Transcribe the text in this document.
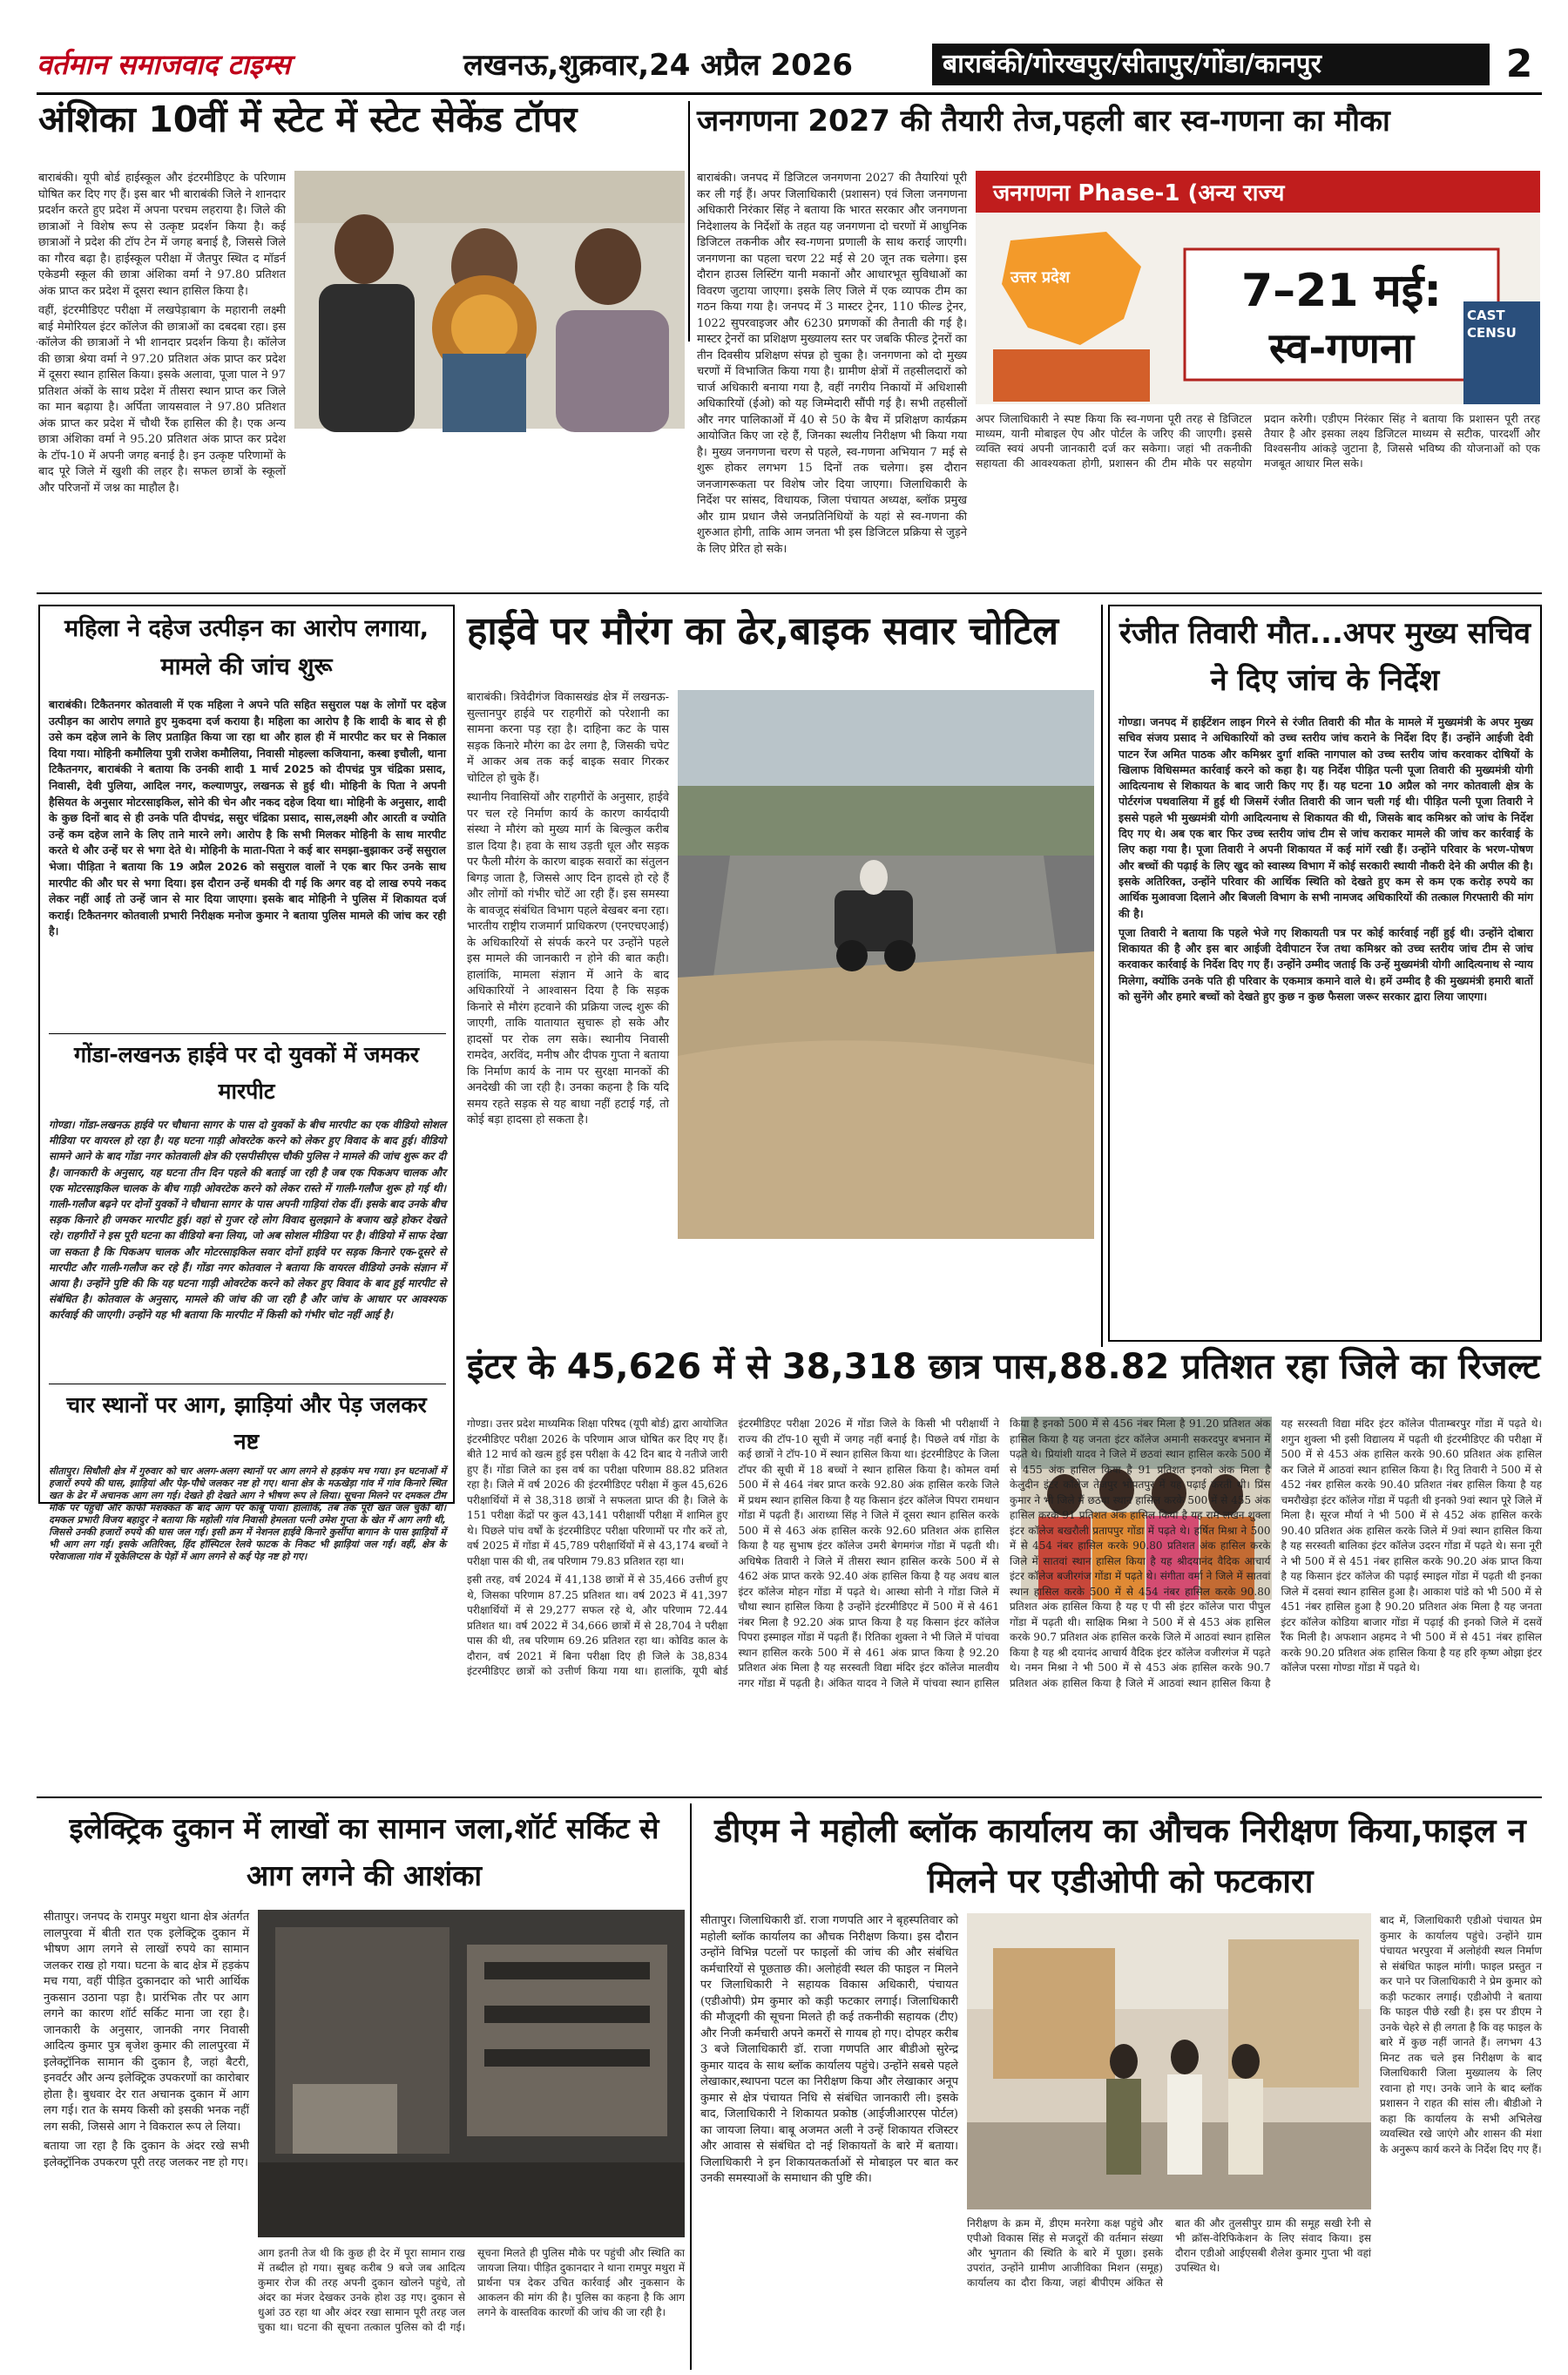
वर्तमान समाजवाद टाइम्स	लखनऊ,शुक्रवार,24 अप्रैल 2026	बाराबंकी/गोरखपुर/सीतापुर/गोंडा/कानपुर	2
अंशिका 10वीं में स्टेट में स्टेट सेकेंड टॉपर

बाराबंकी। यूपी बोर्ड हाईस्कूल और इंटरमीडिएट के परिणाम घोषित कर दिए गए हैं। इस बार भी बाराबंकी जिले ने शानदार प्रदर्शन करते हुए प्रदेश में अपना परचम लहराया है। जिले की छात्राओं ने विशेष रूप से उत्कृष्ट प्रदर्शन किया है। कई छात्राओं ने प्रदेश की टॉप टेन में जगह बनाई है, जिससे जिले का गौरव बढ़ा है। हाईस्कूल परीक्षा में जैतपुर स्थित द मॉडर्न एकेडमी स्कूल की छात्रा अंशिका वर्मा ने 97.80 प्रतिशत अंक प्राप्त कर प्रदेश में दूसरा स्थान हासिल किया है।

वहीं, इंटरमीडिएट परीक्षा में लखपेड़ाबाग के महारानी लक्ष्मी बाई मेमोरियल इंटर कॉलेज की छात्राओं का दबदबा रहा। इस कॉलेज की छात्राओं ने भी शानदार प्रदर्शन किया है। कॉलेज की छात्रा श्रेया वर्मा ने 97.20 प्रतिशत अंक प्राप्त कर प्रदेश में दूसरा स्थान हासिल किया। इसके अलावा, पूजा पाल ने 97 प्रतिशत अंकों के साथ प्रदेश में तीसरा स्थान प्राप्त कर जिले का मान बढ़ाया है। अर्पिता जायसवाल ने 97.80 प्रतिशत अंक प्राप्त कर प्रदेश में चौथी रैंक हासिल की है। एक अन्य छात्रा अंशिका वर्मा ने 95.20 प्रतिशत अंक प्राप्त कर प्रदेश के टॉप-10 में अपनी जगह बनाई है। इन उत्कृष्ट परिणामों के बाद पूरे जिले में खुशी की लहर है। सफल छात्रों के स्कूलों और परिजनों में जश्न का माहौल है।

जनगणना 2027 की तैयारी तेज,पहली बार स्व-गणना का मौका

बाराबंकी। जनपद में डिजिटल जनगणना 2027 की तैयारियां पूरी कर ली गई हैं। अपर जिलाधिकारी (प्रशासन) एवं जिला जनगणना अधिकारी निरंकार सिंह ने बताया कि भारत सरकार और जनगणना निदेशालय के निर्देशों के तहत यह जनगणना दो चरणों में आधुनिक डिजिटल तकनीक और स्व-गणना प्रणाली के साथ कराई जाएगी। जनगणना का पहला चरण 22 मई से 20 जून तक चलेगा। इस दौरान हाउस लिस्टिंग यानी मकानों और आधारभूत सुविधाओं का विवरण जुटाया जाएगा। इसके लिए जिले में एक व्यापक टीम का गठन किया गया है। जनपद में 3 मास्टर ट्रेनर, 110 फील्ड ट्रेनर, 1022 सुपरवाइजर और 6230 प्रगणकों की तैनाती की गई है। मास्टर ट्रेनरों का प्रशिक्षण मुख्यालय स्तर पर जबकि फील्ड ट्रेनरों का तीन दिवसीय प्रशिक्षण संपन्न हो चुका है। जनगणना को दो मुख्य चरणों में विभाजित किया गया है। ग्रामीण क्षेत्रों में तहसीलदारों को चार्ज अधिकारी बनाया गया है, वहीं नगरीय निकायों में अधिशासी अधिकारियों (ईओ) को यह जिम्मेदारी सौंपी गई है। सभी तहसीलों और नगर पालिकाओं में 40 से 50 के बैच में प्रशिक्षण कार्यक्रम आयोजित किए जा रहे हैं, जिनका स्थलीय निरीक्षण भी किया गया है। मुख्य जनगणना चरण से पहले, स्व-गणना अभियान 7 मई से शुरू होकर लगभग 15 दिनों तक चलेगा। इस दौरान जनजागरूकता पर विशेष जोर दिया जाएगा। जिलाधिकारी के निर्देश पर सांसद, विधायक, जिला पंचायत अध्यक्ष, ब्लॉक प्रमुख और ग्राम प्रधान जैसे जनप्रतिनिधियों के यहां से स्व-गणना की शुरुआत होगी, ताकि आम जनता भी इस डिजिटल प्रक्रिया से जुड़ने के लिए प्रेरित हो सके।

जनगणना Phase-1 (अन्य राज्य
उत्तर प्रदेश	7–21 मई:
स्व-गणना
CAST CENSU

अपर जिलाधिकारी ने स्पष्ट किया कि स्व-गणना पूरी तरह से डिजिटल माध्यम, यानी मोबाइल ऐप और पोर्टल के जरिए की जाएगी। इससे व्यक्ति स्वयं अपनी जानकारी दर्ज कर सकेगा। जहां भी तकनीकी सहायता की आवश्यकता होगी, प्रशासन की टीम मौके पर सहयोग प्रदान करेगी। एडीएम निरंकार सिंह ने बताया कि प्रशासन पूरी तरह तैयार है और इसका लक्ष्य डिजिटल माध्यम से सटीक, पारदर्शी और विश्वसनीय आंकड़े जुटाना है, जिससे भविष्य की योजनाओं को एक मजबूत आधार मिल सके।

महिला ने दहेज उत्पीड़न का आरोप लगाया, मामले की जांच शुरू

बाराबंकी। टिकैतनगर कोतवाली में एक महिला ने अपने पति सहित ससुराल पक्ष के लोगों पर दहेज उत्पीड़न का आरोप लगाते हुए मुकदमा दर्ज कराया है। महिला का आरोप है कि शादी के बाद से ही उसे कम दहेज लाने के लिए प्रताड़ित किया जा रहा था और हाल ही में मारपीट कर घर से निकाल दिया गया। मोहिनी कमौलिया पुत्री राजेश कमौलिया, निवासी मोहल्ला कजियाना, कस्बा इचौली, थाना टिकैतनगर, बाराबंकी ने बताया कि उनकी शादी 1 मार्च 2025 को दीपचंद्र पुत्र चंद्रिका प्रसाद, निवासी, देवी पुलिया, आदिल नगर, कल्याणपुर, लखनऊ से हुई थी। मोहिनी के पिता ने अपनी हैसियत के अनुसार मोटरसाइकिल, सोने की चेन और नकद दहेज दिया था। मोहिनी के अनुसार, शादी के कुछ दिनों बाद से ही उनके पति दीपचंद्र, ससुर चंद्रिका प्रसाद, सास,लक्ष्मी और आरती व ज्योति उन्हें कम दहेज लाने के लिए ताने मारने लगे। आरोप है कि सभी मिलकर मोहिनी के साथ मारपीट करते थे और उन्हें घर से भगा देते थे। मोहिनी के माता-पिता ने कई बार समझा-बुझाकर उन्हें ससुराल भेजा। पीड़िता ने बताया कि 19 अप्रैल 2026 को ससुराल वालों ने एक बार फिर उनके साथ मारपीट की और घर से भगा दिया। इस दौरान उन्हें धमकी दी गई कि अगर वह दो लाख रुपये नकद लेकर नहीं आईं तो उन्हें जान से मार दिया जाएगा। इसके बाद मोहिनी ने पुलिस में शिकायत दर्ज कराई। टिकैतनगर कोतवाली प्रभारी निरीक्षक मनोज कुमार ने बताया पुलिस मामले की जांच कर रही है।

गोंडा-लखनऊ हाईवे पर दो युवकों में जमकर मारपीट

गोण्डा। गोंडा-लखनऊ हाईवे पर चौधाना सागर के पास दो युवकों के बीच मारपीट का एक वीडियो सोशल मीडिया पर वायरल हो रहा है। यह घटना गाड़ी ओवरटेक करने को लेकर हुए विवाद के बाद हुई। वीडियो सामने आने के बाद गोंडा नगर कोतवाली क्षेत्र की एसपीसीएस चौकी पुलिस ने मामले की जांच शुरू कर दी है। जानकारी के अनुसार, यह घटना तीन दिन पहले की बताई जा रही है जब एक पिकअप चालक और एक मोटरसाइकिल चालक के बीच गाड़ी ओवरटेक करने को लेकर रास्ते में गाली-गलौज शुरू हो गई थी। गाली-गलौज बढ़ने पर दोनों युवकों ने चौधाना सागर के पास अपनी गाड़ियां रोक दीं। इसके बाद उनके बीच सड़क किनारे ही जमकर मारपीट हुई। वहां से गुजर रहे लोग विवाद सुलझाने के बजाय खड़े होकर देखते रहे। राहगीरों ने इस पूरी घटना का वीडियो बना लिया, जो अब सोशल मीडिया पर है। वीडियो में साफ देखा जा सकता है कि पिकअप चालक और मोटरसाइकिल सवार दोनों हाईवे पर सड़क किनारे एक-दूसरे से मारपीट और गाली-गलौज कर रहे हैं। गोंडा नगर कोतवाल ने बताया कि वायरल वीडियो उनके संज्ञान में आया है। उन्होंने पुष्टि की कि यह घटना गाड़ी ओवरटेक करने को लेकर हुए विवाद के बाद हुई मारपीट से संबंधित है। कोतवाल के अनुसार, मामले की जांच की जा रही है और जांच के आधार पर आवश्यक कार्रवाई की जाएगी। उन्होंने यह भी बताया कि मारपीट में किसी को गंभीर चोट नहीं आई है।

चार स्थानों पर आग, झाड़ियां और पेड़ जलकर नष्ट

सीतापुर। सिधौली क्षेत्र में गुरुवार को चार अलग-अलग स्थानों पर आग लगने से हड़कंप मच गया। इन घटनाओं में हजारों रुपये की घास, झाड़ियां और पेड़-पौधे जलकर नष्ट हो गए। थाना क्षेत्र के मऊखेड़ा गांव में गांव किनारे स्थित खत के ढेर में अचानक आग लग गई। देखते ही देखते आग ने भीषण रूप ले लिया। सूचना मिलने पर दमकल टीम मौके पर पहुंची और काफी मशक्कत के बाद आग पर काबू पाया। हालांकि, तब तक पूरी खत जल चुकी थी। दमकल प्रभारी विजय बहादुर ने बताया कि महोली गांव निवासी हेमलता पत्नी उमेश गुप्ता के खेत में आग लगी थी, जिससे उनकी हजारों रुपये की घास जल गई। इसी क्रम में नेशनल हाईवे किनारे कुर्सीपा बागान के पास झाड़ियों में भी आग लग गई। इसके अतिरिक्त, हिंद हॉस्पिटल रेलवे फाटक के निकट भी झाड़ियां जल गईं। वहीं, क्षेत्र के परेवाजाला गांव में यूकेलिप्टस के पेड़ों में आग लगने से कई पेड़ नष्ट हो गए।

हाईवे पर मौरंग का ढेर,बाइक सवार चोटिल

बाराबंकी। त्रिवेदीगंज विकासखंड क्षेत्र में लखनऊ-सुल्तानपुर हाईवे पर राहगीरों को परेशानी का सामना करना पड़ रहा है। दाहिना कट के पास सड़क किनारे मौरंग का ढेर लगा है, जिसकी चपेट में आकर अब तक कई बाइक सवार गिरकर चोटिल हो चुके हैं।

स्थानीय निवासियों और राहगीरों के अनुसार, हाईवे पर चल रहे निर्माण कार्य के कारण कार्यदायी संस्था ने मौरंग को मुख्य मार्ग के बिल्कुल करीब डाल दिया है। हवा के साथ उड़ती धूल और सड़क पर फैली मौरंग के कारण बाइक सवारों का संतुलन बिगड़ जाता है, जिससे आए दिन हादसे हो रहे हैं और लोगों को गंभीर चोटें आ रही हैं। इस समस्या के बावजूद संबंधित विभाग पहले बेखबर बना रहा। भारतीय राष्ट्रीय राजमार्ग प्राधिकरण (एनएचएआई) के अधिकारियों से संपर्क करने पर उन्होंने पहले इस मामले की जानकारी न होने की बात कही। हालांकि, मामला संज्ञान में आने के बाद अधिकारियों ने आश्वासन दिया है कि सड़क किनारे से मौरंग हटवाने की प्रक्रिया जल्द शुरू की जाएगी, ताकि यातायात सुचारू हो सके और हादसों पर रोक लग सके। स्थानीय निवासी रामदेव, अरविंद, मनीष और दीपक गुप्ता ने बताया कि निर्माण कार्य के नाम पर सुरक्षा मानकों की अनदेखी की जा रही है। उनका कहना है कि यदि समय रहते सड़क से यह बाधा नहीं हटाई गई, तो कोई बड़ा हादसा हो सकता है।

रंजीत तिवारी मौत...अपर मुख्य सचिव ने दिए जांच के निर्देश

गोण्डा। जनपद में हाईटेंशन लाइन गिरने से रंजीत तिवारी की मौत के मामले में मुख्यमंत्री के अपर मुख्य सचिव संजय प्रसाद ने अधिकारियों को उच्च स्तरीय जांच कराने के निर्देश दिए हैं। उन्होंने आईजी देवी पाटन रेंज अमित पाठक और कमिश्नर दुर्गा शक्ति नागपाल को उच्च स्तरीय जांच करवाकर दोषियों के खिलाफ विधिसम्मत कार्रवाई करने को कहा है। यह निर्देश पीड़ित पत्नी पूजा तिवारी की मुख्यमंत्री योगी आदित्यनाथ से शिकायत के बाद जारी किए गए हैं। यह घटना 10 अप्रैल को नगर कोतवाली क्षेत्र के पोर्टरगंज पथवालिया में हुई थी जिसमें रंजीत तिवारी की जान चली गई थी। पीड़ित पत्नी पूजा तिवारी ने इससे पहले भी मुख्यमंत्री योगी आदित्यनाथ से शिकायत की थी, जिसके बाद कमिश्नर को जांच के निर्देश दिए गए थे। अब एक बार फिर उच्च स्तरीय जांच टीम से जांच कराकर मामले की जांच कर कार्रवाई के लिए कहा गया है। पूजा तिवारी ने अपनी शिकायत में कई मांगें रखी हैं। उन्होंने परिवार के भरण-पोषण और बच्चों की पढ़ाई के लिए खुद को स्वास्थ्य विभाग में कोई सरकारी स्थायी नौकरी देने की अपील की है। इसके अतिरिक्त, उन्होंने परिवार की आर्थिक स्थिति को देखते हुए कम से कम एक करोड़ रुपये का आर्थिक मुआवजा दिलाने और बिजली विभाग के सभी नामजद अधिकारियों की तत्काल गिरफ्तारी की मांग की है।

पूजा तिवारी ने बताया कि पहले भेजे गए शिकायती पत्र पर कोई कार्रवाई नहीं हुई थी। उन्होंने दोबारा शिकायत की है और इस बार आईजी देवीपाटन रेंज तथा कमिश्नर को उच्च स्तरीय जांच टीम से जांच करवाकर कार्रवाई के निर्देश दिए गए हैं। उन्होंने उम्मीद जताई कि उन्हें मुख्यमंत्री योगी आदित्यनाथ से न्याय मिलेगा, क्योंकि उनके पति ही परिवार के एकमात्र कमाने वाले थे। हमें उम्मीद है की मुख्यमंत्री हमारी बातों को सुनेंगे और हमारे बच्चों को देखते हुए कुछ न कुछ फैसला जरूर सरकार द्वारा लिया जाएगा।

इंटर के 45,626 में से 38,318 छात्र पास,88.82 प्रतिशत रहा जिले का रिजल्ट

गोण्डा। उत्तर प्रदेश माध्यमिक शिक्षा परिषद (यूपी बोर्ड) द्वारा आयोजित इंटरमीडिएट परीक्षा 2026 के परिणाम आज घोषित कर दिए गए हैं। बीते 12 मार्च को खत्म हुई इस परीक्षा के 42 दिन बाद ये नतीजे जारी हुए हैं। गोंडा जिले का इस वर्ष का परीक्षा परिणाम 88.82 प्रतिशत रहा है। जिले में वर्ष 2026 की इंटरमीडिएट परीक्षा में कुल 45,626 परीक्षार्थियों में से 38,318 छात्रों ने सफलता प्राप्त की है। जिले के 151 परीक्षा केंद्रों पर कुल 43,141 परीक्षार्थी परीक्षा में शामिल हुए थे। पिछले पांच वर्षों के इंटरमीडिएट परीक्षा परिणामों पर गौर करें तो, वर्ष 2025 में गोंडा में 45,789 परीक्षार्थियों में से 43,174 बच्चों ने परीक्षा पास की थी, तब परिणाम 79.83 प्रतिशत रहा था।

इसी तरह, वर्ष 2024 में 41,138 छात्रों में से 35,466 उत्तीर्ण हुए थे, जिसका परिणाम 87.25 प्रतिशत था। वर्ष 2023 में 41,397 परीक्षार्थियों में से 29,277 सफल रहे थे, और परिणाम 72.44 प्रतिशत था। वर्ष 2022 में 34,666 छात्रों में से 28,704 ने परीक्षा पास की थी, तब परिणाम 69.26 प्रतिशत रहा था। कोविड काल के दौरान, वर्ष 2021 में बिना परीक्षा दिए ही जिले के 38,834 इंटरमीडिएट छात्रों को उत्तीर्ण किया गया था। हालांकि, यूपी बोर्ड इंटरमीडिएट परीक्षा 2026 में गोंडा जिले के किसी भी परीक्षार्थी ने राज्य की टॉप-10 सूची में जगह नहीं बनाई है। पिछले वर्ष गोंडा के कई छात्रों ने टॉप-10 में स्थान हासिल किया था। इंटरमीडिएट के जिला टॉपर की सूची में 18 बच्चों ने स्थान हासिल किया है। कोमल वर्मा 500 में से 464 नंबर प्राप्त करके 92.80 अंक हासिल करके जिले में प्रथम स्थान हासिल किया है यह किसान इंटर कॉलेज पिपरा रामधान गोंडा में पढ़ती हैं। आराध्या सिंह ने जिले में दूसरा स्थान हासिल करके 500 में से 463 अंक हासिल करके 92.60 प्रतिशत अंक हासिल किया है यह सुभाष इंटर कॉलेज उमरी बेगमगंज गोंडा में पढ़ती थी। अधिषेक तिवारी ने जिले में तीसरा स्थान हासिल करके 500 में से 462 अंक प्राप्त करके 92.40 अंक हासिल किया है यह अवध बाल इंटर कॉलेज मोहन गोंडा में पढ़ते थे। आस्था सोनी ने गोंडा जिले में चौथा स्थान हासिल किया है उन्होंने इंटरमीडिएट में 500 में से 461 नंबर मिला है 92.20 अंक प्राप्त किया है यह किसान इंटर कॉलेज पिपरा इस्माइल गोंडा में पढ़ती हैं। रितिका शुक्ला ने भी जिले में पांचवा स्थान हासिल करके 500 में से 461 अंक प्राप्त किया है 92.20 प्रतिशत अंक मिला है यह सरस्वती विद्या मंदिर इंटर कॉलेज मालवीय नगर गोंडा में पढ़ती है। अंकित यादव ने जिले में पांचवा स्थान हासिल किया है इनको 500 में से 456 नंबर मिला है 91.20 प्रतिशत अंक हासिल किया है यह जनता इंटर कॉलेज अमानी सकरदपुर बभनान में पढ़ते थे। प्रियांशी यादव ने जिले में छठवां स्थान हासिल करके 500 में से 455 अंक हासिल किया है 91 प्रतिशत इनको अंक मिला है केलुदीन इंटर कॉलेज तेजपुर भोपतपुर में यह पढ़ाई करती थी। प्रिंस कुमार ने भी जिले में छठवा स्थान हासिल करके 500 में से 455 अंक हासिल करके 91 प्रतिशत अंक हासिल किया है यह राम लखन शुक्ला इंटर कॉलेज बखरौली प्रतापपुर गोंडा में पढ़ते थे। हर्षित मिश्रा ने 500 में से 454 नंबर हासिल करके 90.80 प्रतिशत अंक हासिल करके जिले में सातवां स्थान हासिल किया है यह श्रीदयानंद वैदिक आचार्य इंटर कॉलेज बजीरगंज गोंडा में पढ़ते थे। संगीता वर्मा ने जिले में सातवां स्थान हासिल करके 500 में से 454 नंबर हासिल करके 90.80 प्रतिशत अंक हासिल किया है यह ए पी सी इंटर कॉलेज पारा पीपुल गोंडा में पढ़ती थी। साक्षिक मिश्रा ने 500 में से 453 अंक हासिल करके 90.7 प्रतिशत अंक हासिल करके जिले में आठवां स्थान हासिल किया है यह श्री दयानंद आचार्य वैदिक इंटर कॉलेज वजीरगंज में पढ़ते थे। नमन मिश्रा ने भी 500 में से 453 अंक हासिल करके 90.7 प्रतिशत अंक हासिल किया है जिले में आठवां स्थान हासिल किया है यह सरस्वती विद्या मंदिर इंटर कॉलेज पीताम्बरपुर गोंडा में पढ़ते थे। शगुन शुक्ला भी इसी विद्यालय में पढ़ती थी इंटरमीडिएट की परीक्षा में 500 में से 453 अंक हासिल करके 90.60 प्रतिशत अंक हासिल कर जिले में आठवां स्थान हासिल किया है। रितु तिवारी ने 500 में से 452 नंबर हासिल करके 90.40 प्रतिशत नंबर हासिल किया है यह चमरौखेड़ा इंटर कॉलेज गोंडा में पढ़ती थी इनको 9वां स्थान पूरे जिले में मिला है। सूरज मौर्या ने भी 500 में से 452 अंक हासिल करके 90.40 प्रतिशत अंक हासिल करके जिले में 9वां स्थान हासिल किया है यह सरस्वती बालिका इंटर कॉलेज उदरन गोंडा में पढ़ते थे। सना नूरी ने भी 500 में से 451 नंबर हासिल करके 90.20 अंक प्राप्त किया है यह किसान इंटर कॉलेज की पढ़ाई स्माइल गोंडा में पढ़ती थी इनका जिले में दसवां स्थान हासिल हुआ है। आकाश पांडे को भी 500 में से 451 नंबर हासिल हुआ है 90.20 प्रतिशत अंक मिला है यह जनता इंटर कॉलेज कोडिया बाजार गोंडा में पढ़ाई की इनको जिले में दसवें रैंक मिली है। अफशान अहमद ने भी 500 में से 451 नंबर हासिल करके 90.20 प्रतिशत अंक हासिल किया है यह हरि कृष्ण ओझा इंटर कॉलेज परसा गोण्डा गोंडा में पढ़ते थे।

इलेक्ट्रिक दुकान में लाखों का सामान जला,शॉर्ट सर्किट से आग लगने की आशंका

सीतापुर। जनपद के रामपुर मथुरा थाना क्षेत्र अंतर्गत लालपुरवा में बीती रात एक इलेक्ट्रिक दुकान में भीषण आग लगने से लाखों रुपये का सामान जलकर राख हो गया। घटना के बाद क्षेत्र में हड़कंप मच गया, वहीं पीड़ित दुकानदार को भारी आर्थिक नुकसान उठाना पड़ा है। प्रारंभिक तौर पर आग लगने का कारण शॉर्ट सर्किट माना जा रहा है। जानकारी के अनुसार, जानकी नगर निवासी आदित्य कुमार पुत्र बृजेश कुमार की लालपुरवा में इलेक्ट्रॉनिक सामान की दुकान है, जहां बैटरी, इनवर्टर और अन्य इलेक्ट्रिक उपकरणों का कारोबार होता है। बुधवार देर रात अचानक दुकान में आग लग गई। रात के समय किसी को इसकी भनक नहीं लग सकी, जिससे आग ने विकराल रूप ले लिया।

बताया जा रहा है कि दुकान के अंदर रखे सभी इलेक्ट्रॉनिक उपकरण पूरी तरह जलकर नष्ट हो गए।

आग इतनी तेज थी कि कुछ ही देर में पूरा सामान राख में तब्दील हो गया। सुबह करीब 9 बजे जब आदित्य कुमार रोज की तरह अपनी दुकान खोलने पहुंचे, तो अंदर का मंजर देखकर उनके होश उड़ गए। दुकान से धुआं उठ रहा था और अंदर रखा सामान पूरी तरह जल चुका था। घटना की सूचना तत्काल पुलिस को दी गई। सूचना मिलते ही पुलिस मौके पर पहुंची और स्थिति का जायजा लिया। पीड़ित दुकानदार ने थाना रामपुर मथुरा में प्रार्थना पत्र देकर उचित कार्रवाई और नुकसान के आकलन की मांग की है। पुलिस का कहना है कि आग लगने के वास्तविक कारणों की जांच की जा रही है।

डीएम ने महोली ब्लॉक कार्यालय का औचक निरीक्षण किया,फाइल न मिलने पर एडीओपी को फटकारा

सीतापुर। जिलाधिकारी डॉ. राजा गणपति आर ने बृहस्पतिवार को महोली ब्लॉक कार्यालय का औचक निरीक्षण किया। इस दौरान उन्होंने विभिन्न पटलों पर फाइलों की जांच की और संबंधित कर्मचारियों से पूछताछ की। अलोहंवी स्थल की फाइल न मिलने पर जिलाधिकारी ने सहायक विकास अधिकारी, पंचायत (एडीओपी) प्रेम कुमार को कड़ी फटकार लगाई। जिलाधिकारी की मौजूदगी की सूचना मिलते ही कई तकनीकी सहायक (टीए) और निजी कर्मचारी अपने कमरों से गायब हो गए। दोपहर करीब 3 बजे जिलाधिकारी डॉ. राजा गणपति आर बीडीओ सुरेन्द्र कुमार यादव के साथ ब्लॉक कार्यालय पहुंचे। उन्होंने सबसे पहले लेखाकार,स्थापना पटल का निरीक्षण किया और लेखाकार अनूप कुमार से क्षेत्र पंचायत निधि से संबंधित जानकारी ली। इसके बाद, जिलाधिकारी ने शिकायत प्रकोष्ठ (आईजीआरएस पोर्टल) का जायजा लिया। बाबू अजमत अली ने उन्हें शिकायत रजिस्टर और आवास से संबंधित दो नई शिकायतों के बारे में बताया। जिलाधिकारी ने इन शिकायतकर्ताओं से मोबाइल पर बात कर उनकी समस्याओं के समाधान की पुष्टि की।

निरीक्षण के क्रम में, डीएम मनरेगा कक्ष पहुंचे और एपीओ विकास सिंह से मजदूरों की वर्तमान संख्या और भुगतान की स्थिति के बारे में पूछा। इसके उपरांत, उन्होंने ग्रामीण आजीविका मिशन (समूह) कार्यालय का दौरा किया, जहां बीपीएम अंकित से बात की और तुलसीपुर ग्राम की समूह सखी रेनी से भी क्रॉस-वेरिफिकेशन के लिए संवाद किया। इस दौरान एडीओ आईएसबी शैलेश कुमार गुप्ता भी वहां उपस्थित थे।

बाद में, जिलाधिकारी एडीओ पंचायत प्रेम कुमार के कार्यालय पहुंचे। उन्होंने ग्राम पंचायत भरपुरवा में अलोहंवी स्थल निर्माण से संबंधित फाइल मांगी। फाइल प्रस्तुत न कर पाने पर जिलाधिकारी ने प्रेम कुमार को कड़ी फटकार लगाई। एडीओपी ने बताया कि फाइल पीछे रखी है। इस पर डीएम ने उनके चेहरे से ही लगता है कि वह फाइल के बारे में कुछ नहीं जानते हैं। लगभग 43 मिनट तक चले इस निरीक्षण के बाद जिलाधिकारी जिला मुख्यालय के लिए रवाना हो गए। उनके जाने के बाद ब्लॉक प्रशासन ने राहत की सांस ली। बीडीओ ने कहा कि कार्यालय के सभी अभिलेख व्यवस्थित रखे जाएंगे और शासन की मंशा के अनुरूप कार्य करने के निर्देश दिए गए हैं।
